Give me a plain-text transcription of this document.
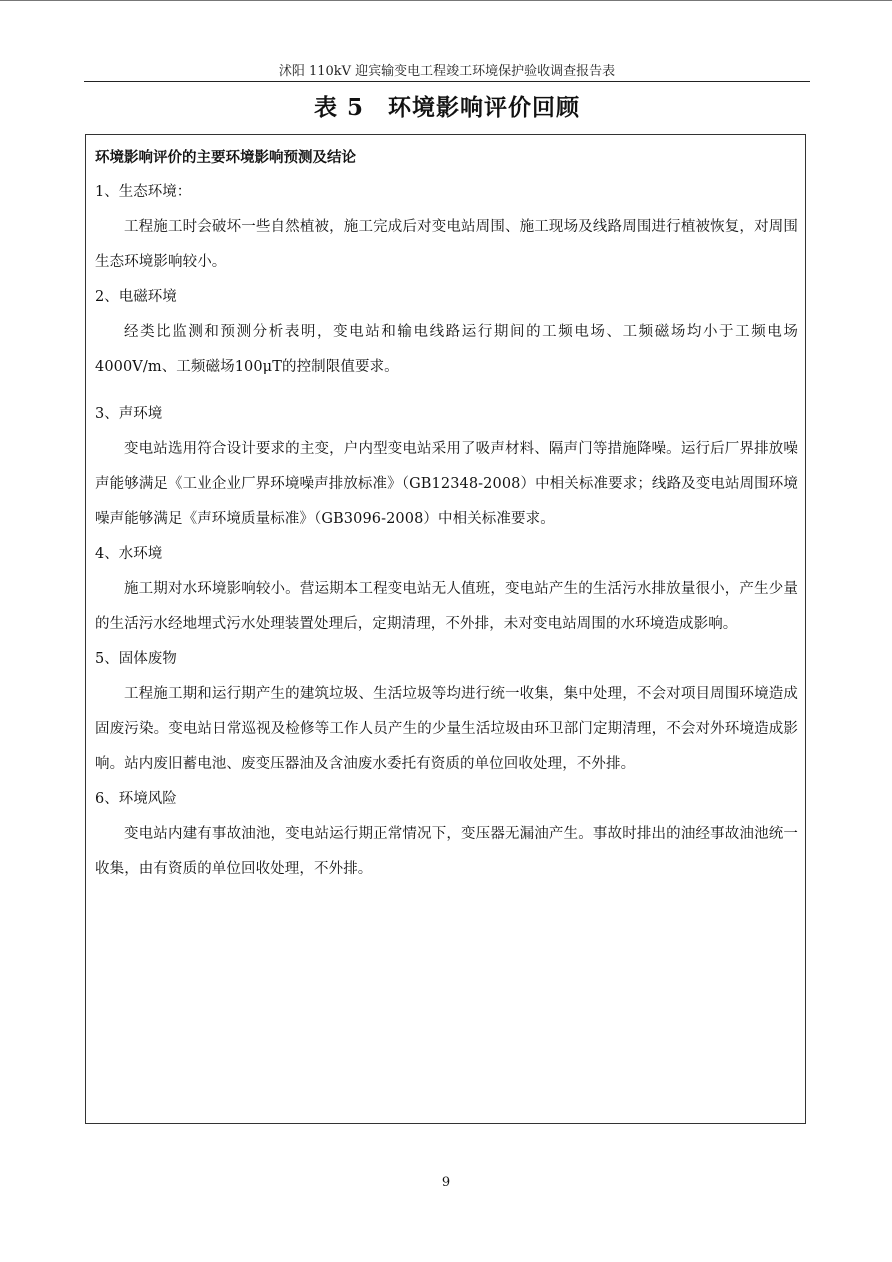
沭阳 110kV 迎宾输变电工程竣工环境保护验收调查报告表
表 5　环境影响评价回顾

环境影响评价的主要环境影响预测及结论

1、生态环境：

工程施工时会破坏一些自然植被，施工完成后对变电站周围、施工现场及线路周围进行植被恢复，对周围生态环境影响较小。

2、电磁环境

经类比监测和预测分析表明，变电站和输电线路运行期间的工频电场、工频磁场均小于工频电场4000V/m、工频磁场100μT的控制限值要求。

3、声环境

变电站选用符合设计要求的主变，户内型变电站采用了吸声材料、隔声门等措施降噪。运行后厂界排放噪声能够满足《工业企业厂界环境噪声排放标准》（GB12348-2008）中相关标准要求；线路及变电站周围环境噪声能够满足《声环境质量标准》（GB3096-2008）中相关标准要求。

4、水环境

施工期对水环境影响较小。营运期本工程变电站无人值班，变电站产生的生活污水排放量很小，产生少量的生活污水经地埋式污水处理装置处理后，定期清理，不外排，未对变电站周围的水环境造成影响。

5、固体废物

工程施工期和运行期产生的建筑垃圾、生活垃圾等均进行统一收集，集中处理，不会对项目周围环境造成固废污染。变电站日常巡视及检修等工作人员产生的少量生活垃圾由环卫部门定期清理，不会对外环境造成影响。站内废旧蓄电池、废变压器油及含油废水委托有资质的单位回收处理，不外排。

6、环境风险

变电站内建有事故油池，变电站运行期正常情况下，变压器无漏油产生。事故时排出的油经事故油池统一收集，由有资质的单位回收处理，不外排。

9
